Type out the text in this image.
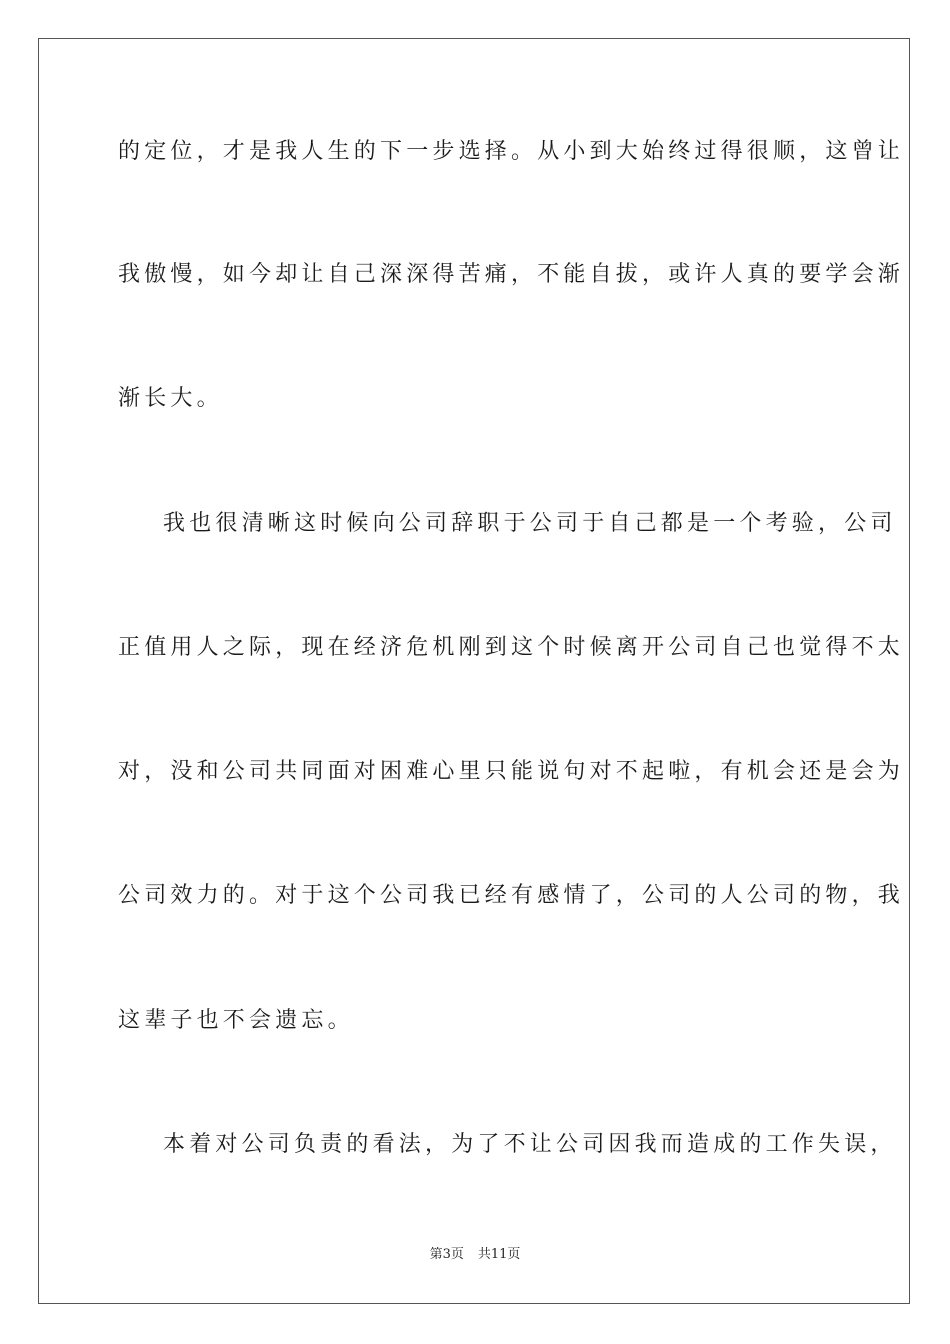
的定位，才是我人生的下一步选择。从小到大始终过得很顺，这曾让
我傲慢，如今却让自己深深得苦痛，不能自拔，或许人真的要学会渐
渐长大。
我也很清晰这时候向公司辞职于公司于自己都是一个考验，公司
正值用人之际，现在经济危机刚到这个时候离开公司自己也觉得不太
对，没和公司共同面对困难心里只能说句对不起啦，有机会还是会为
公司效力的。对于这个公司我已经有感情了，公司的人公司的物，我
这辈子也不会遗忘。
本着对公司负责的看法，为了不让公司因我而造成的工作失误，
第3页 共11页
